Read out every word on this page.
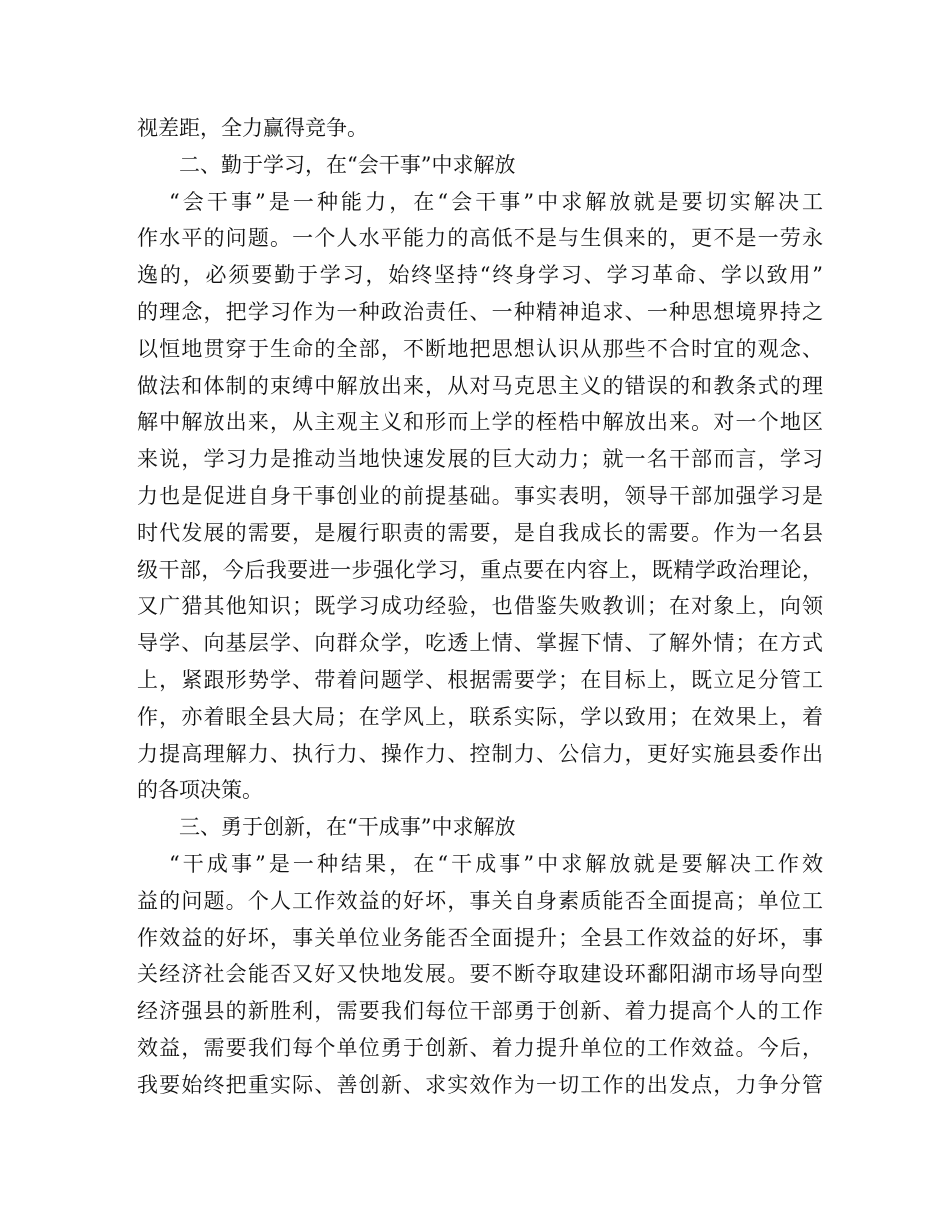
视差距，全力赢得竞争。
二、勤于学习，在“会干事”中求解放
“会干事”是一种能力，在“会干事”中求解放就是要切实解决工
作水平的问题。一个人水平能力的高低不是与生俱来的，更不是一劳永
逸的，必须要勤于学习，始终坚持“终身学习、学习革命、学以致用”
的理念，把学习作为一种政治责任、一种精神追求、一种思想境界持之
以恒地贯穿于生命的全部，不断地把思想认识从那些不合时宜的观念、
做法和体制的束缚中解放出来，从对马克思主义的错误的和教条式的理
解中解放出来，从主观主义和形而上学的桎梏中解放出来。对一个地区
来说，学习力是推动当地快速发展的巨大动力；就一名干部而言，学习
力也是促进自身干事创业的前提基础。事实表明，领导干部加强学习是
时代发展的需要，是履行职责的需要，是自我成长的需要。作为一名县
级干部，今后我要进一步强化学习，重点要在内容上，既精学政治理论，
又广猎其他知识；既学习成功经验，也借鉴失败教训；在对象上，向领
导学、向基层学、向群众学，吃透上情、掌握下情、了解外情；在方式
上，紧跟形势学、带着问题学、根据需要学；在目标上，既立足分管工
作，亦着眼全县大局；在学风上，联系实际，学以致用；在效果上，着
力提高理解力、执行力、操作力、控制力、公信力，更好实施县委作出
的各项决策。
三、勇于创新，在“干成事”中求解放
“干成事”是一种结果，在“干成事”中求解放就是要解决工作效
益的问题。个人工作效益的好坏，事关自身素质能否全面提高；单位工
作效益的好坏，事关单位业务能否全面提升；全县工作效益的好坏，事
关经济社会能否又好又快地发展。要不断夺取建设环鄱阳湖市场导向型
经济强县的新胜利，需要我们每位干部勇于创新、着力提高个人的工作
效益，需要我们每个单位勇于创新、着力提升单位的工作效益。今后，
我要始终把重实际、善创新、求实效作为一切工作的出发点，力争分管
